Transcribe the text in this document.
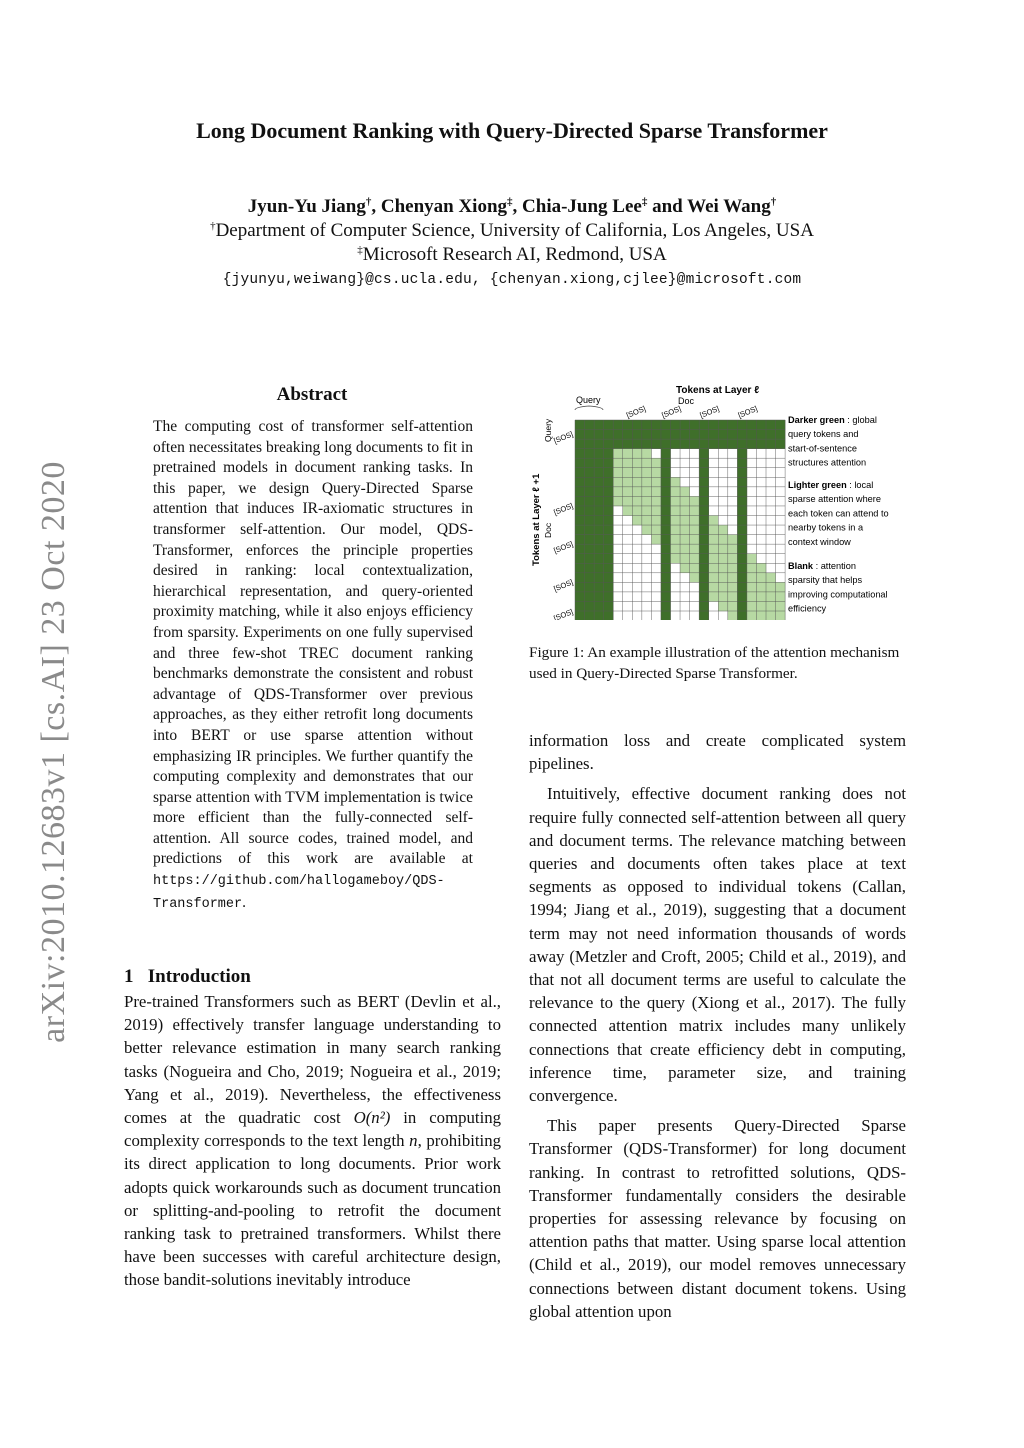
Long Document Ranking with Query-Directed Sparse Transformer
Jyun-Yu Jiang†, Chenyan Xiong‡, Chia-Jung Lee‡ and Wei Wang†
†Department of Computer Science, University of California, Los Angeles, USA
‡Microsoft Research AI, Redmond, USA
{jyunyu,weiwang}@cs.ucla.edu, {chenyan.xiong,cjlee}@microsoft.com
arXiv:2010.12683v1 [cs.AI] 23 Oct 2020
Abstract
The computing cost of transformer self-attention often necessitates breaking long documents to fit in pretrained models in document ranking tasks. In this paper, we design Query-Directed Sparse attention that induces IR-axiomatic structures in transformer self-attention. Our model, QDS-Transformer, enforces the principle properties desired in ranking: local contextualization, hierarchical representation, and query-oriented proximity matching, while it also enjoys efficiency from sparsity. Experiments on one fully supervised and three few-shot TREC document ranking benchmarks demonstrate the consistent and robust advantage of QDS-Transformer over previous approaches, as they either retrofit long documents into BERT or use sparse attention without emphasizing IR principles. We further quantify the computing complexity and demonstrates that our sparse attention with TVM implementation is twice more efficient than the fully-connected self-attention. All source codes, trained model, and predictions of this work are available at https://github.com/hallogameboy/QDS-Transformer.
1 Introduction
Pre-trained Transformers such as BERT (Devlin et al., 2019) effectively transfer language understanding to better relevance estimation in many search ranking tasks (Nogueira and Cho, 2019; Nogueira et al., 2019; Yang et al., 2019). Nevertheless, the effectiveness comes at the quadratic cost O(n²) in computing complexity corresponds to the text length n, prohibiting its direct application to long documents. Prior work adopts quick workarounds such as document truncation or splitting-and-pooling to retrofit the document ranking task to pretrained transformers. Whilst there have been successes with careful architecture design, those bandit-solutions inevitably introduce
Tokens at Layer ℓ
Query	Doc
Tokens at Layer ℓ +1
Query
Doc
[SOS] [SOS] [SOS] [SOS]
[SOS]
[SOS]
[SOS]
[SOS]
[SOS]
Darker green : global query tokens and start-of-sentence structures attention
Lighter green : local sparse attention where each token can attend to nearby tokens in a context window
Blank : attention sparsity that helps improving computational efficiency
Figure 1: An example illustration of the attention mechanism used in Query-Directed Sparse Transformer.

information loss and create complicated system pipelines.

Intuitively, effective document ranking does not require fully connected self-attention between all query and document terms. The relevance matching between queries and documents often takes place at text segments as opposed to individual tokens (Callan, 1994; Jiang et al., 2019), suggesting that a document term may not need information thousands of words away (Metzler and Croft, 2005; Child et al., 2019), and that not all document terms are useful to calculate the relevance to the query (Xiong et al., 2017). The fully connected attention matrix includes many unlikely connections that create efficiency debt in computing, inference time, parameter size, and training convergence.

This paper presents Query-Directed Sparse Transformer (QDS-Transformer) for long document ranking. In contrast to retrofitted solutions, QDS-Transformer fundamentally considers the desirable properties for assessing relevance by focusing on attention paths that matter. Using sparse local attention (Child et al., 2019), our model removes unnecessary connections between distant document tokens. Using global attention upon
